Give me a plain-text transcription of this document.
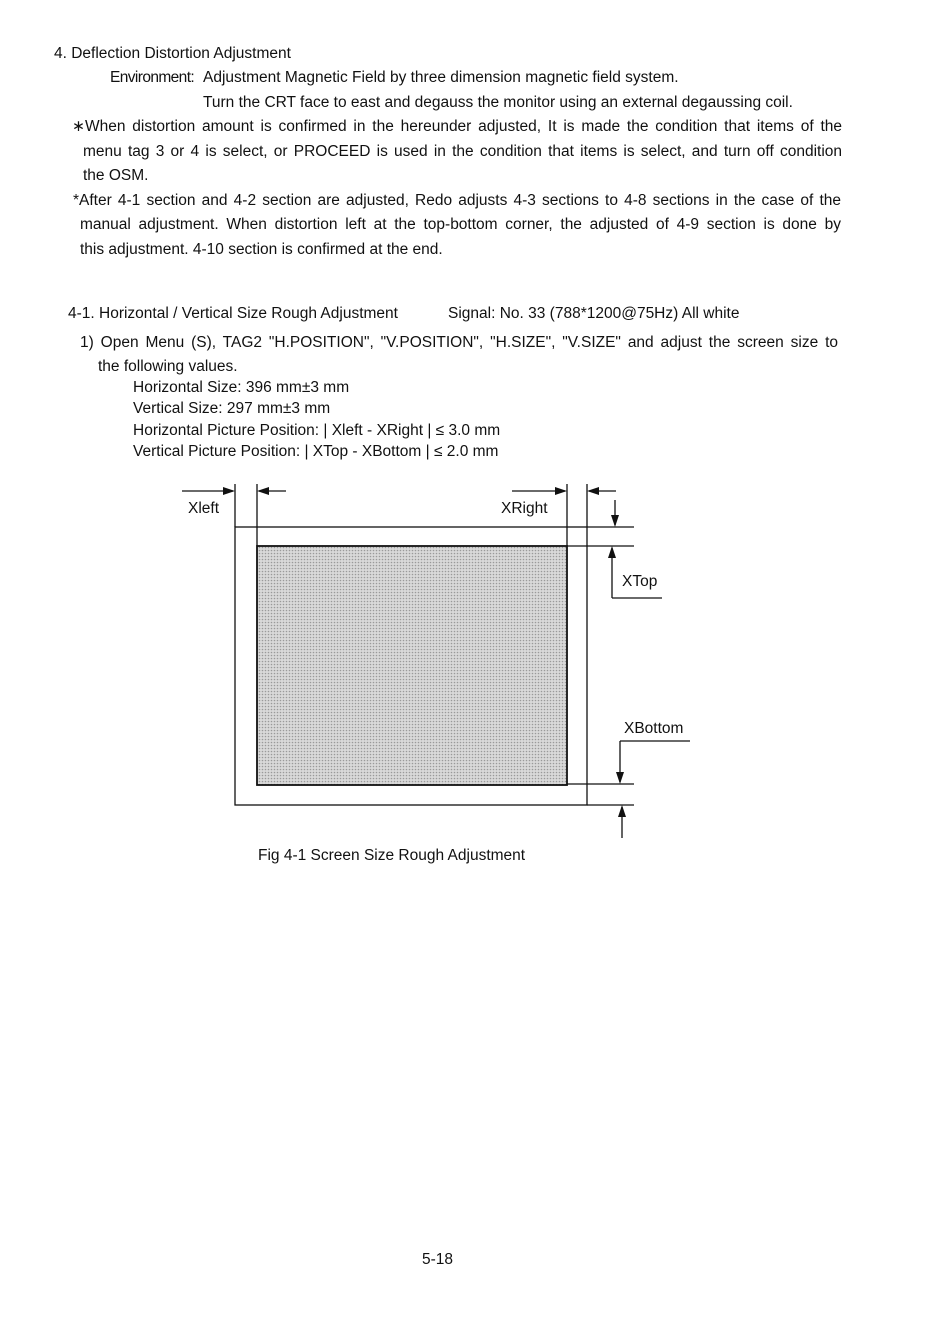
4. Deflection Distortion Adjustment
Environment: Adjustment Magnetic Field by three dimension magnetic field system.
Turn the CRT face to east and degauss the monitor using an external degaussing coil.
∗When distortion amount is confirmed in the hereunder adjusted, It is made the condition that items of the
menu tag 3 or 4 is select, or PROCEED is used in the condition that items is select, and turn off condition
the OSM.
*After 4-1 section and 4-2 section are adjusted, Redo adjusts 4-3 sections to 4-8 sections in the case of the
manual adjustment. When distortion left at the top-bottom corner, the adjusted of 4-9 section is done by
this adjustment. 4-10 section is confirmed at the end.
4-1. Horizontal / Vertical Size Rough Adjustment	Signal: No. 33 (788*1200@75Hz) All white
1) Open Menu (S), TAG2 "H.POSITION", "V.POSITION", "H.SIZE", "V.SIZE" and adjust the screen size to
the following values.
Horizontal Size: 396 mm±3 mm
Vertical Size: 297 mm±3 mm
Horizontal Picture Position: | Xleft - XRight | ≤ 3.0 mm
Vertical Picture Position: | XTop - XBottom | ≤ 2.0 mm
Xleft	XRight
XTop
XBottom
Fig 4-1 Screen Size Rough Adjustment
5-18
